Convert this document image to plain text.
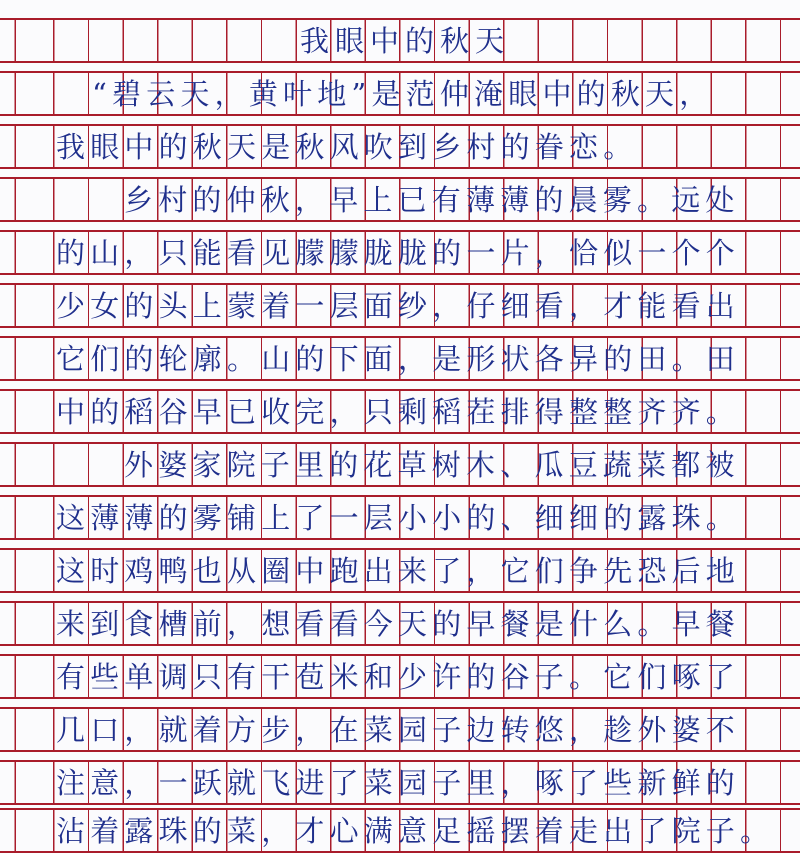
我眼中的秋天
“碧云天，黄叶地”是范仲淹眼中的秋天，
我眼中的秋天是秋风吹到乡村的眷恋。
乡村的仲秋，早上已有薄薄的晨雾。远处
的山，只能看见朦朦胧胧的一片，恰似一个个
少女的头上蒙着一层面纱，仔细看，才能看出
它们的轮廓。山的下面，是形状各异的田。田
中的稻谷早已收完，只剩稻茬排得整整齐齐。
外婆家院子里的花草树木、瓜豆蔬菜都被
这薄薄的雾铺上了一层小小的、细细的露珠。
这时鸡鸭也从圈中跑出来了，它们争先恐后地
来到食槽前，想看看今天的早餐是什么。早餐
有些单调只有干苞米和少许的谷子。它们啄了
几口，就着方步，在菜园子边转悠，趁外婆不
注意，一跃就飞进了菜园子里，啄了些新鲜的
沾着露珠的菜，才心满意足摇摆着走出了院子。
